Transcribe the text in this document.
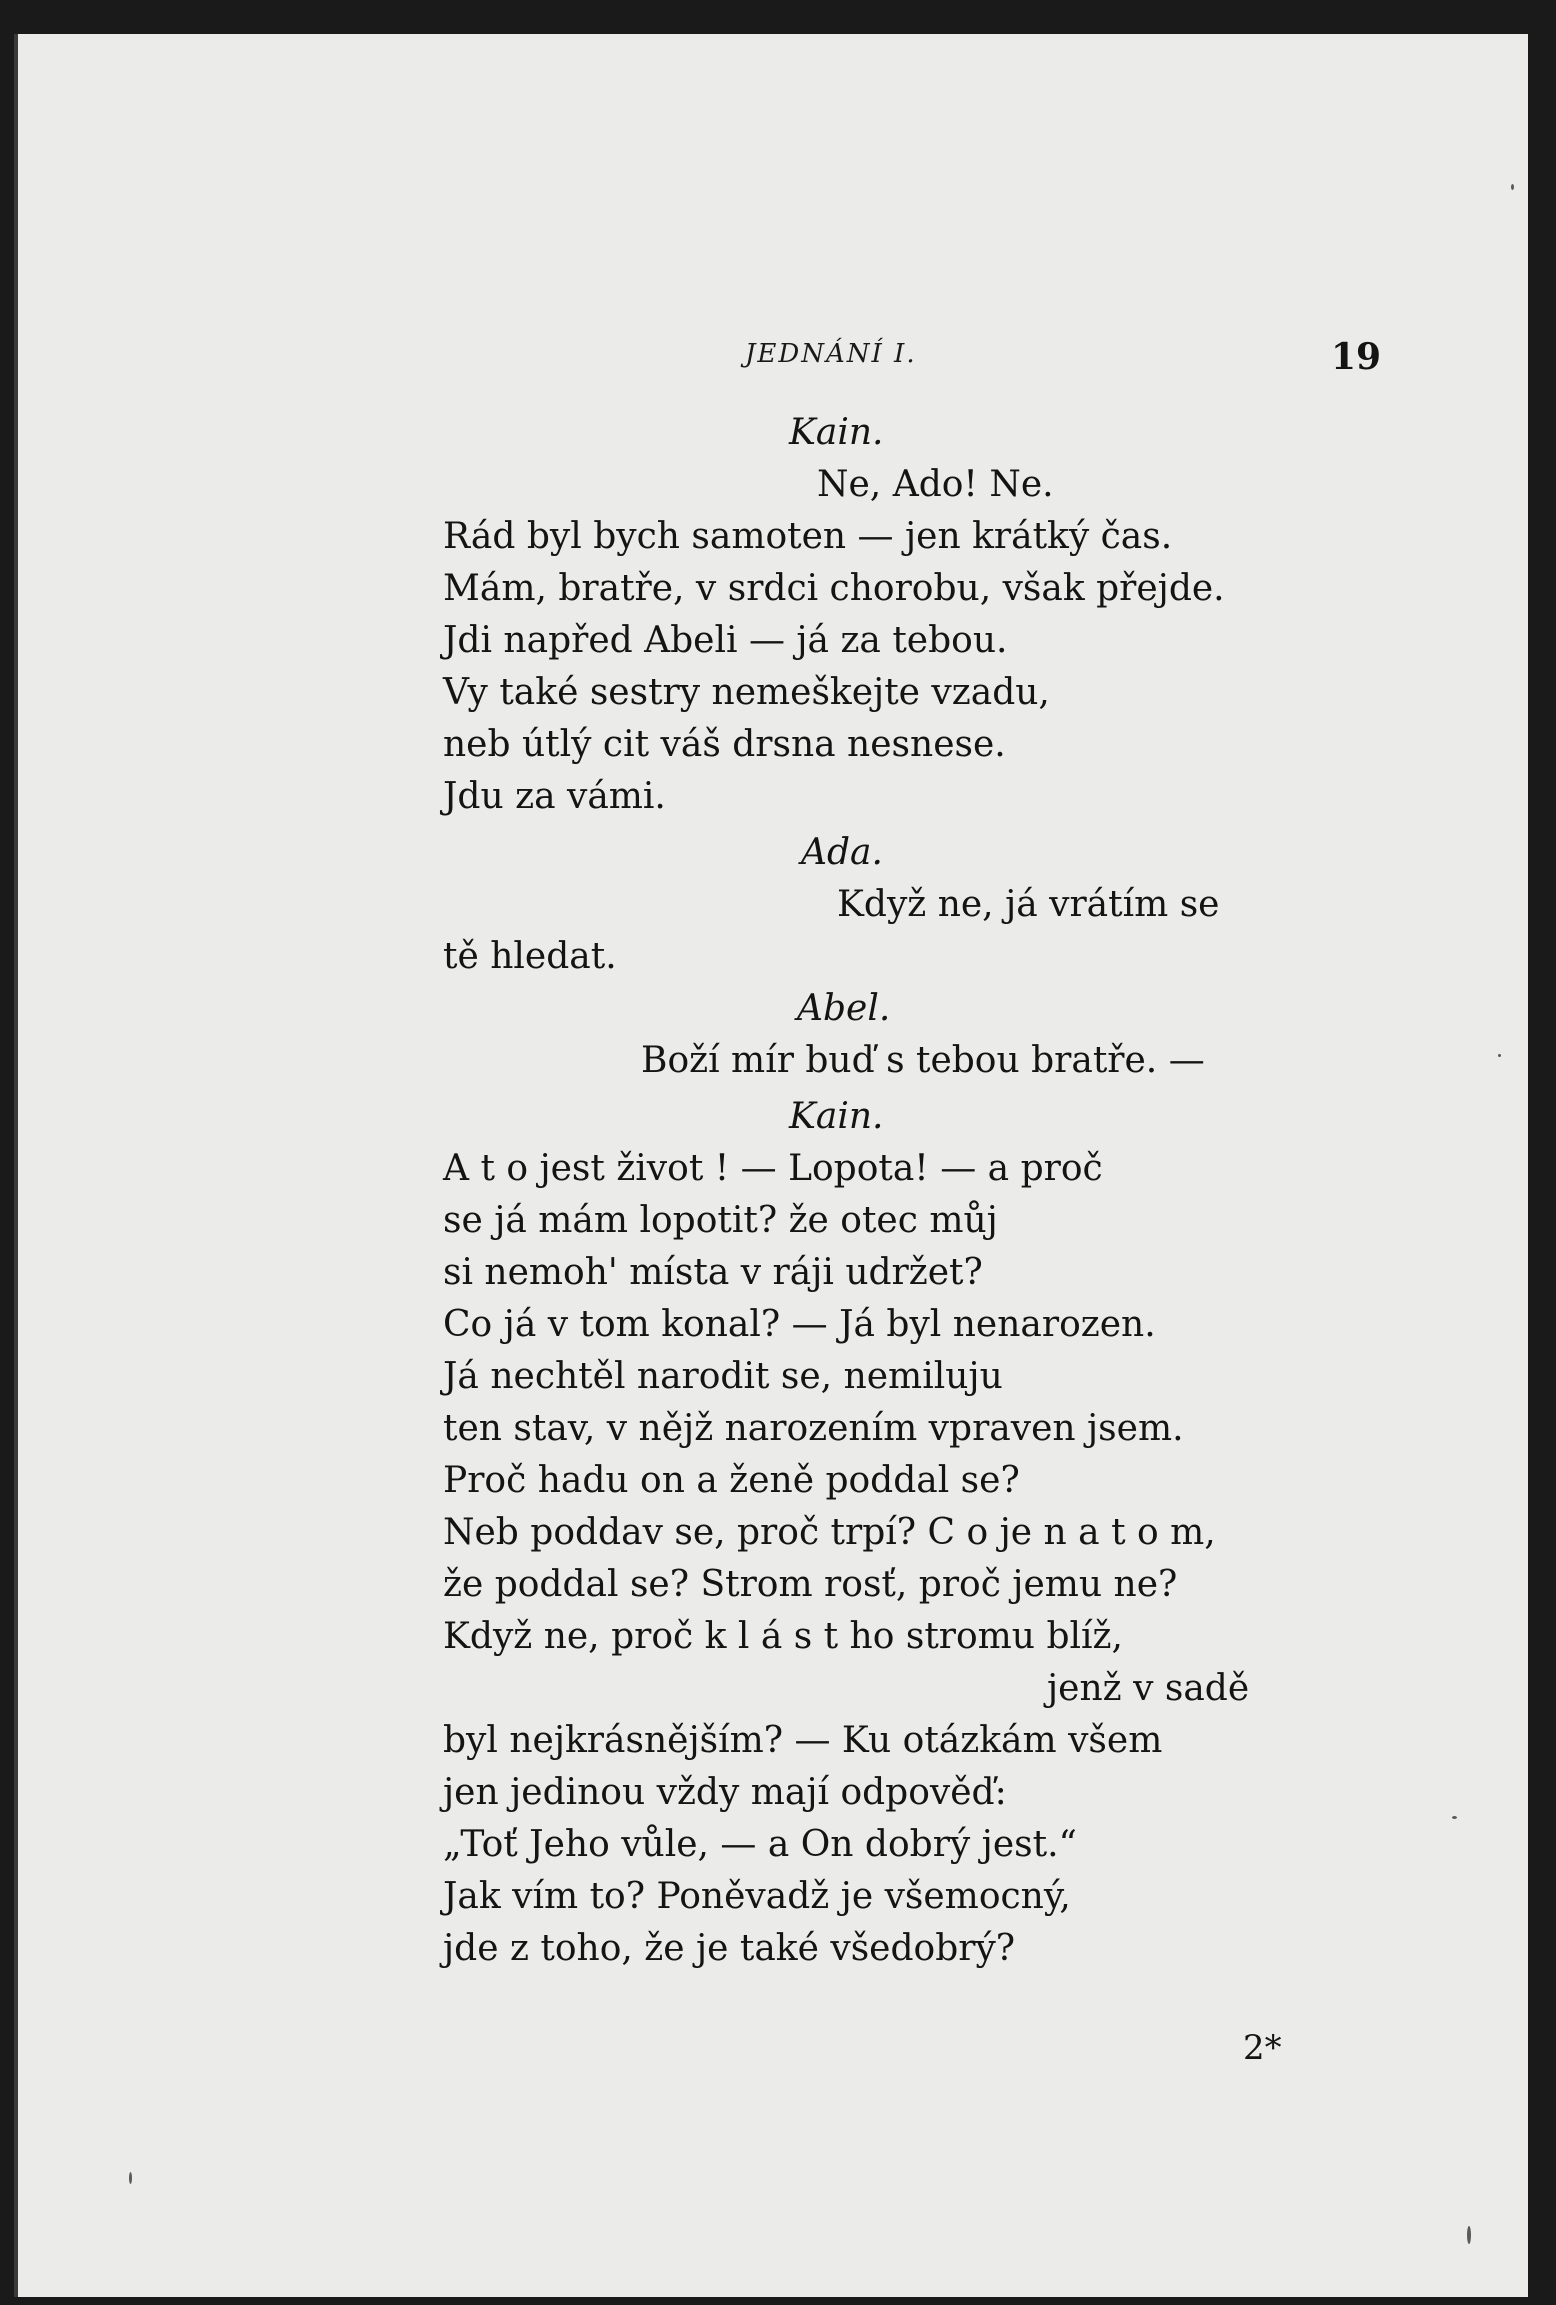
JEDNÁNÍ I.	19
Kain.
Ne, Ado! Ne.
Rád byl bych samoten — jen krátký čas.
Mám, bratře, v srdci chorobu, však přejde.
Jdi napřed Abeli — já za tebou.
Vy také sestry nemeškejte vzadu,
neb útlý cit váš drsna nesnese.
Jdu za vámi.
Ada.
Když ne, já vrátím se
tě hledat.
Abel.
Boží mír buď s tebou bratře. —
Kain.
A t o jest život ! — Lopota! — a proč
se já mám lopotit? že otec můj
si nemoh' místa v ráji udržet?
Co já v tom konal? — Já byl nenarozen.
Já nechtěl narodit se, nemiluju
ten stav, v nějž narozením vpraven jsem.
Proč hadu on a ženě poddal se?
Neb poddav se, proč trpí? C o je n a t o m,
že poddal se? Strom rosť, proč jemu ne?
Když ne, proč k l á s t ho stromu blíž,
jenž v sadě
byl nejkrásnějším? — Ku otázkám všem
jen jedinou vždy mají odpověď:
„Toť Jeho vůle, — a On dobrý jest.“
Jak vím to? Poněvadž je všemocný,
jde z toho, že je také všedobrý?
2*
